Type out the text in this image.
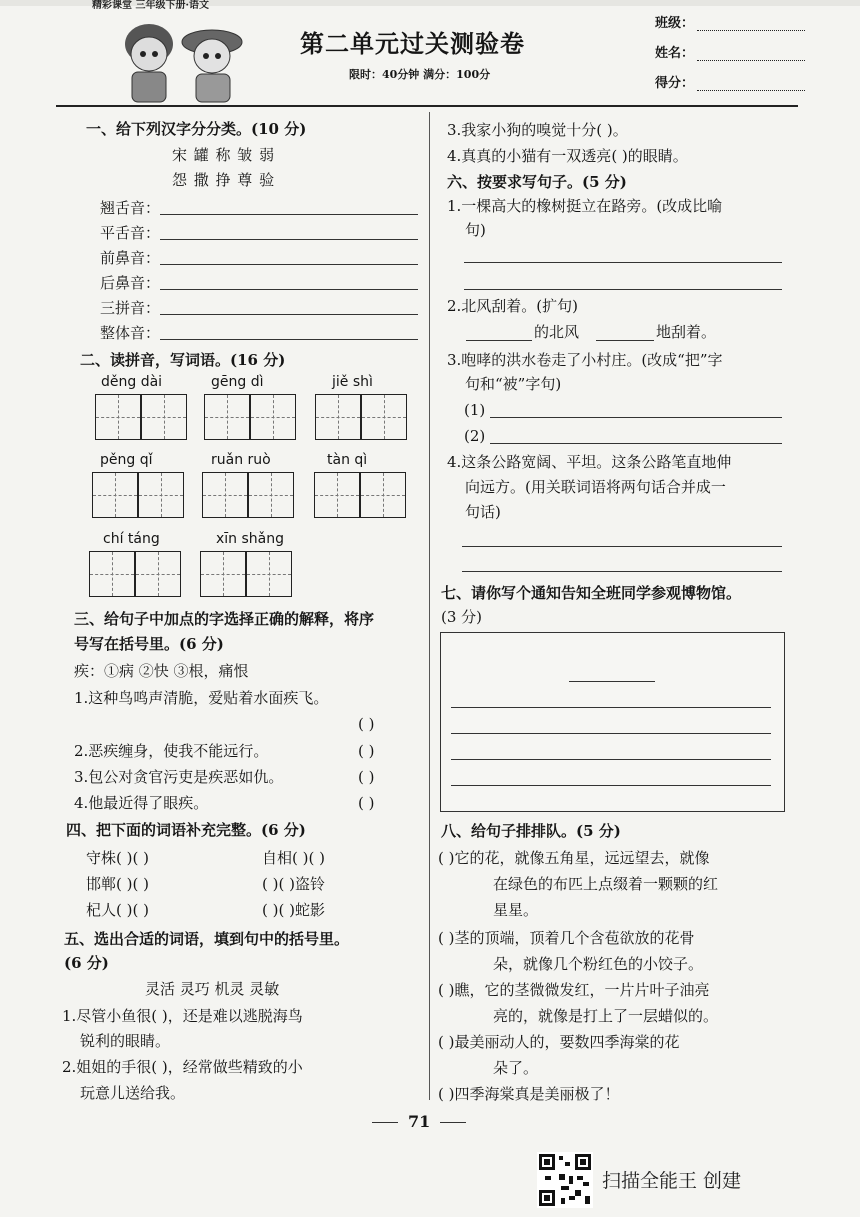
精彩课堂 三年级下册·语文
第二单元过关测验卷
限时：40分钟 满分：100分
班级：
姓名：
得分：
一、给下列汉字分分类。(10 分)
宋 罐 称 皱 弱
怨 撒 挣 尊 验
翘舌音：
平舌音：
前鼻音：
后鼻音：
三拼音：
整体音：
二、读拼音，写词语。(16 分)
děng dài	gēng dì	jiě shì
pěng qǐ	ruǎn ruò	tàn qì
chí táng	xīn shǎng
三、给句子中加点的字选择正确的解释，将序
号写在括号里。(6 分)
疾：①病 ②快 ③根，痛恨
1.这种鸟鸣声清脆，爱贴着水面疾飞。
( )
2.恶疾缠身，使我不能远行。	( )
3.包公对贪官污吏是疾恶如仇。	( )
4.他最近得了眼疾。	( )
四、把下面的词语补充完整。(6 分)
守株( )( )	自相( )( )
邯郸( )( )	( )( )盗铃
杞人( )( )	( )( )蛇影
五、选出合适的词语，填到句中的括号里。
(6 分)
灵活 灵巧 机灵 灵敏
1.尽管小鱼很( )，还是难以逃脱海鸟
锐利的眼睛。
2.姐姐的手很( )，经常做些精致的小
玩意儿送给我。
3.我家小狗的嗅觉十分( )。
4.真真的小猫有一双透亮( )的眼睛。
六、按要求写句子。(5 分)
1.一棵高大的橡树挺立在路旁。(改成比喻
句)
2.北风刮着。(扩句)
的北风	地刮着。
3.咆哮的洪水卷走了小村庄。(改成“把”字
句和“被”字句)
(1)
(2)
4.这条公路宽阔、平坦。这条公路笔直地伸
向远方。(用关联词语将两句话合并成一
句话)
七、请你写个通知告知全班同学参观博物馆。
(3 分)
八、给句子排排队。(5 分)
( )它的花，就像五角星，远远望去，就像
在绿色的布匹上点缀着一颗颗的红
星星。
( )茎的顶端，顶着几个含苞欲放的花骨
朵，就像几个粉红色的小饺子。
( )瞧，它的茎微微发红，一片片叶子油亮
亮的，就像是打上了一层蜡似的。
( )最美丽动人的，要数四季海棠的花
朵了。
( )四季海棠真是美丽极了！
71
扫描全能王 创建
